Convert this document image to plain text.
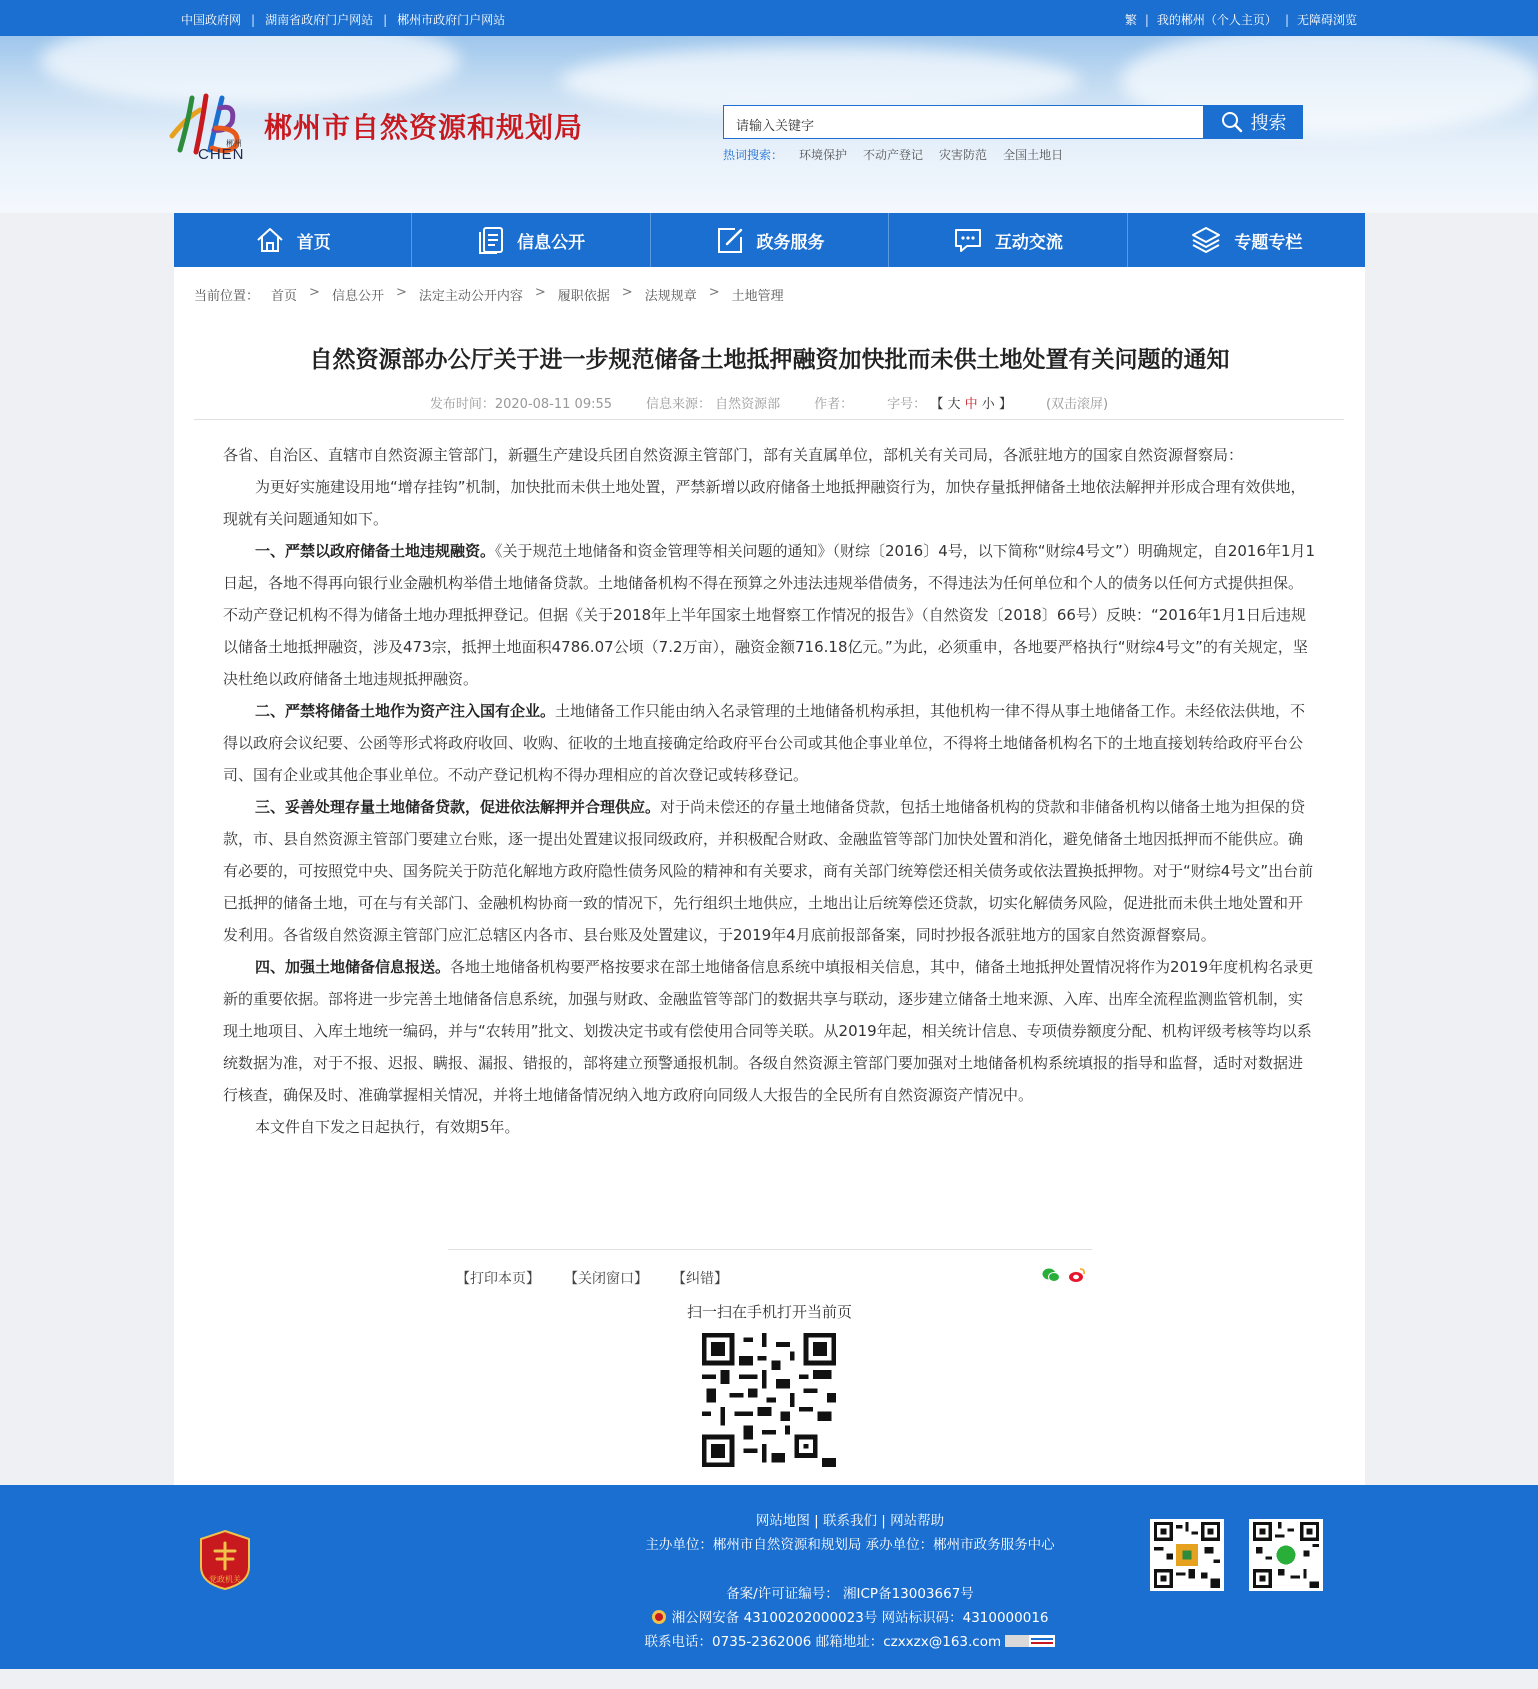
中国政府网 | 湖南省政府门户网站 | 郴州市政府门户网站	繁 | 我的郴州（个人主页） | 无障碍浏览
郴州
CHEN
郴州市自然资源和规划局	请输入关键字	搜索
热词搜索： 环境保护 不动产登记 灾害防范 全国土地日
首页	信息公开	政务服务	互动交流	专题专栏
当前位置： 首页 > 信息公开 > 法定主动公开内容 > 履职依据 > 法规规章 > 土地管理
自然资源部办公厅关于进一步规范储备土地抵押融资加快批而未供土地处置有关问题的通知
发布时间：2020-08-11 09:55	信息来源： 自然资源部	作者：	字号： 【 大 中 小 】	(双击滚屏)

各省、自治区、直辖市自然资源主管部门，新疆生产建设兵团自然资源主管部门，部有关直属单位，部机关有关司局，各派驻地方的国家自然资源督察局：

为更好实施建设用地“增存挂钩”机制，加快批而未供土地处置，严禁新增以政府储备土地抵押融资行为，加快存量抵押储备土地依法解押并形成合理有效供地，现就有关问题通知如下。

一、严禁以政府储备土地违规融资。《关于规范土地储备和资金管理等相关问题的通知》（财综〔2016〕4号，以下简称“财综4号文”）明确规定，自2016年1月1日起，各地不得再向银行业金融机构举借土地储备贷款。土地储备机构不得在预算之外违法违规举借债务，不得违法为任何单位和个人的债务以任何方式提供担保。不动产登记机构不得为储备土地办理抵押登记。但据《关于2018年上半年国家土地督察工作情况的报告》（自然资发〔2018〕66号）反映：“2016年1月1日后违规以储备土地抵押融资，涉及473宗，抵押土地面积4786.07公顷（7.2万亩），融资金额716.18亿元。”为此，必须重申，各地要严格执行“财综4号文”的有关规定，坚决杜绝以政府储备土地违规抵押融资。

二、严禁将储备土地作为资产注入国有企业。土地储备工作只能由纳入名录管理的土地储备机构承担，其他机构一律不得从事土地储备工作。未经依法供地，不得以政府会议纪要、公函等形式将政府收回、收购、征收的土地直接确定给政府平台公司或其他企事业单位，不得将土地储备机构名下的土地直接划转给政府平台公司、国有企业或其他企事业单位。不动产登记机构不得办理相应的首次登记或转移登记。

三、妥善处理存量土地储备贷款，促进依法解押并合理供应。对于尚未偿还的存量土地储备贷款，包括土地储备机构的贷款和非储备机构以储备土地为担保的贷款，市、县自然资源主管部门要建立台账，逐一提出处置建议报同级政府，并积极配合财政、金融监管等部门加快处置和消化，避免储备土地因抵押而不能供应。确有必要的，可按照党中央、国务院关于防范化解地方政府隐性债务风险的精神和有关要求，商有关部门统筹偿还相关债务或依法置换抵押物。对于“财综4号文”出台前已抵押的储备土地，可在与有关部门、金融机构协商一致的情况下，先行组织土地供应，土地出让后统筹偿还贷款，切实化解债务风险，促进批而未供土地处置和开发利用。各省级自然资源主管部门应汇总辖区内各市、县台账及处置建议，于2019年4月底前报部备案，同时抄报各派驻地方的国家自然资源督察局。

四、加强土地储备信息报送。各地土地储备机构要严格按要求在部土地储备信息系统中填报相关信息，其中，储备土地抵押处置情况将作为2019年度机构名录更新的重要依据。部将进一步完善土地储备信息系统，加强与财政、金融监管等部门的数据共享与联动，逐步建立储备土地来源、入库、出库全流程监测监管机制，实现土地项目、入库土地统一编码，并与“农转用”批文、划拨决定书或有偿使用合同等关联。从2019年起，相关统计信息、专项债券额度分配、机构评级考核等均以系统数据为准，对于不报、迟报、瞒报、漏报、错报的，部将建立预警通报机制。各级自然资源主管部门要加强对土地储备机构系统填报的指导和监督，适时对数据进行核查，确保及时、准确掌握相关情况，并将土地储备情况纳入地方政府向同级人大报告的全民所有自然资源资产情况中。

本文件自下发之日起执行，有效期5年。

【打印本页】 【关闭窗口】 【纠错】
扫一扫在手机打开当前页
党政机关
网站地图 | 联系我们 | 网站帮助
主办单位：郴州市自然资源和规划局 承办单位：郴州市政务服务中心
备案/许可证编号： 湘ICP备13003667号
湘公网安备 43100202000023号 网站标识码：4310000016
联系电话：0735-2362006 邮箱地址：czxxzx@163.com
